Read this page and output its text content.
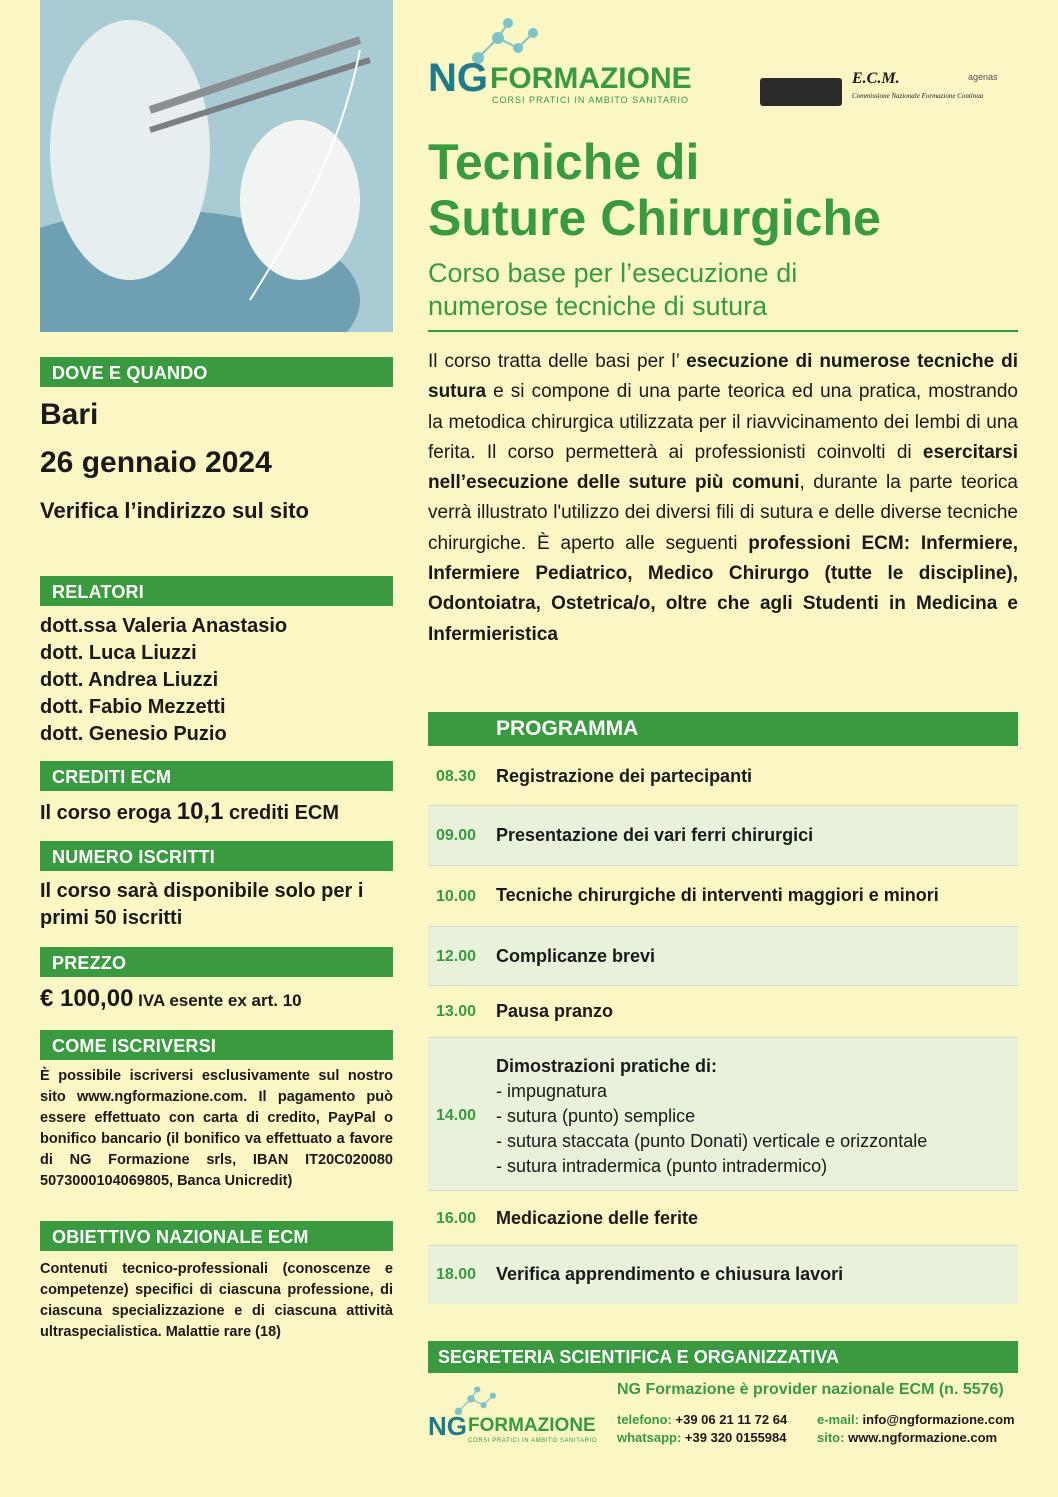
NG FORMAZIONE
CORSI PRATICI IN AMBITO SANITARIO
E.C.M.
Commissione Nazionale Formazione Continua
agenas
Tecniche di
Suture Chirurgiche
Corso base per l’esecuzione di
numerose tecniche di sutura
Il corso tratta delle basi per l’ esecuzione di numerose tecniche di sutura e si compone di una parte teorica ed una pratica, mostrando la metodica chirurgica utilizzata per il riavvicinamento dei lembi di una ferita. Il corso permetterà ai professionisti coinvolti di esercitarsi nell’esecuzione delle suture più comuni, durante la parte teorica verrà illustrato l'utilizzo dei diversi fili di sutura e delle diverse tecniche chirurgiche. È aperto alle seguenti professioni ECM: Infermiere, Infermiere Pediatrico, Medico Chirurgo (tutte le discipline), Odontoiatra, Ostetrica/o, oltre che agli Studenti in Medicina e Infermieristica
DOVE E QUANDO
Bari
26 gennaio 2024
Verifica l’indirizzo sul sito
RELATORI
dott.ssa Valeria Anastasio
dott. Luca Liuzzi
dott. Andrea Liuzzi
dott. Fabio Mezzetti
dott. Genesio Puzio
CREDITI ECM
Il corso eroga 10,1 crediti ECM
NUMERO ISCRITTI
Il corso sarà disponibile solo per i primi 50 iscritti
PREZZO
€ 100,00 IVA esente ex art. 10
COME ISCRIVERSI
È possibile iscriversi esclusivamente sul nostro sito www.ngformazione.com. Il pagamento può essere effettuato con carta di credito, PayPal o bonifico bancario (il bonifico va effettuato a favore di NG Formazione srls, IBAN IT20C020080 5073000104069805, Banca Unicredit)
OBIETTIVO NAZIONALE ECM
Contenuti tecnico-professionali (conoscenze e competenze) specifici di ciascuna professione, di ciascuna specializzazione e di ciascuna attività ultraspecialistica. Malattie rare (18)
PROGRAMMA
08.30 Registrazione dei partecipanti
09.00 Presentazione dei vari ferri chirurgici
10.00 Tecniche chirurgiche di interventi maggiori e minori
12.00 Complicanze brevi
13.00 Pausa pranzo
14.00
Dimostrazioni pratiche di:
- impugnatura
- sutura (punto) semplice
- sutura staccata (punto Donati) verticale e orizzontale
- sutura intradermica (punto intradermico)
16.00 Medicazione delle ferite
18.00 Verifica apprendimento e chiusura lavori
SEGRETERIA SCIENTIFICA E ORGANIZZATIVA
NG Formazione è provider nazionale ECM (n. 5576)
NG FORMAZIONE
CORSI PRATICI IN AMBITO SANITARIO
telefono: +39 06 21 11 72 64
whatsapp: +39 320 0155984
e-mail: info@ngformazione.com
sito: www.ngformazione.com
